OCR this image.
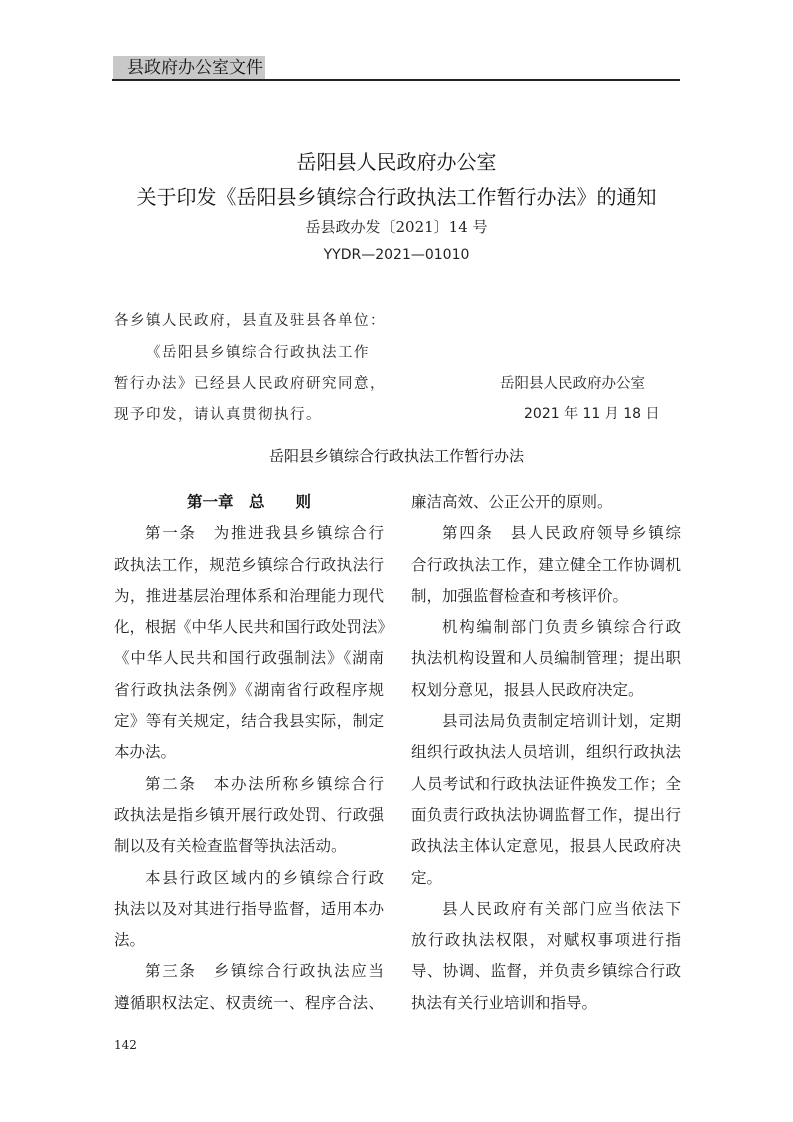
县政府办公室文件
岳阳县人民政府办公室
关于印发《岳阳县乡镇综合行政执法工作暂行办法》的通知
岳县政办发〔2021〕14 号
YYDR—2021—01010
各乡镇人民政府，县直及驻县各单位：
《岳阳县乡镇综合行政执法工作
暂行办法》已经县人民政府研究同意，
现予印发，请认真贯彻执行。
岳阳县人民政府办公室
2021 年 11 月 18 日
岳阳县乡镇综合行政执法工作暂行办法
第一章　总　　则
第一条　为推进我县乡镇综合行
政执法工作，规范乡镇综合行政执法行
为，推进基层治理体系和治理能力现代
化，根据《中华人民共和国行政处罚法》
《中华人民共和国行政强制法》《湖南
省行政执法条例》《湖南省行政程序规
定》等有关规定，结合我县实际，制定
本办法。
第二条　本办法所称乡镇综合行
政执法是指乡镇开展行政处罚、行政强
制以及有关检查监督等执法活动。
本县行政区域内的乡镇综合行政
执法以及对其进行指导监督，适用本办
法。
第三条　乡镇综合行政执法应当
遵循职权法定、权责统一、程序合法、
廉洁高效、公正公开的原则。
第四条　县人民政府领导乡镇综
合行政执法工作，建立健全工作协调机
制，加强监督检查和考核评价。
机构编制部门负责乡镇综合行政
执法机构设置和人员编制管理；提出职
权划分意见，报县人民政府决定。
县司法局负责制定培训计划，定期
组织行政执法人员培训，组织行政执法
人员考试和行政执法证件换发工作；全
面负责行政执法协调监督工作，提出行
政执法主体认定意见，报县人民政府决
定。
县人民政府有关部门应当依法下
放行政执法权限，对赋权事项进行指
导、协调、监督，并负责乡镇综合行政
执法有关行业培训和指导。
142
